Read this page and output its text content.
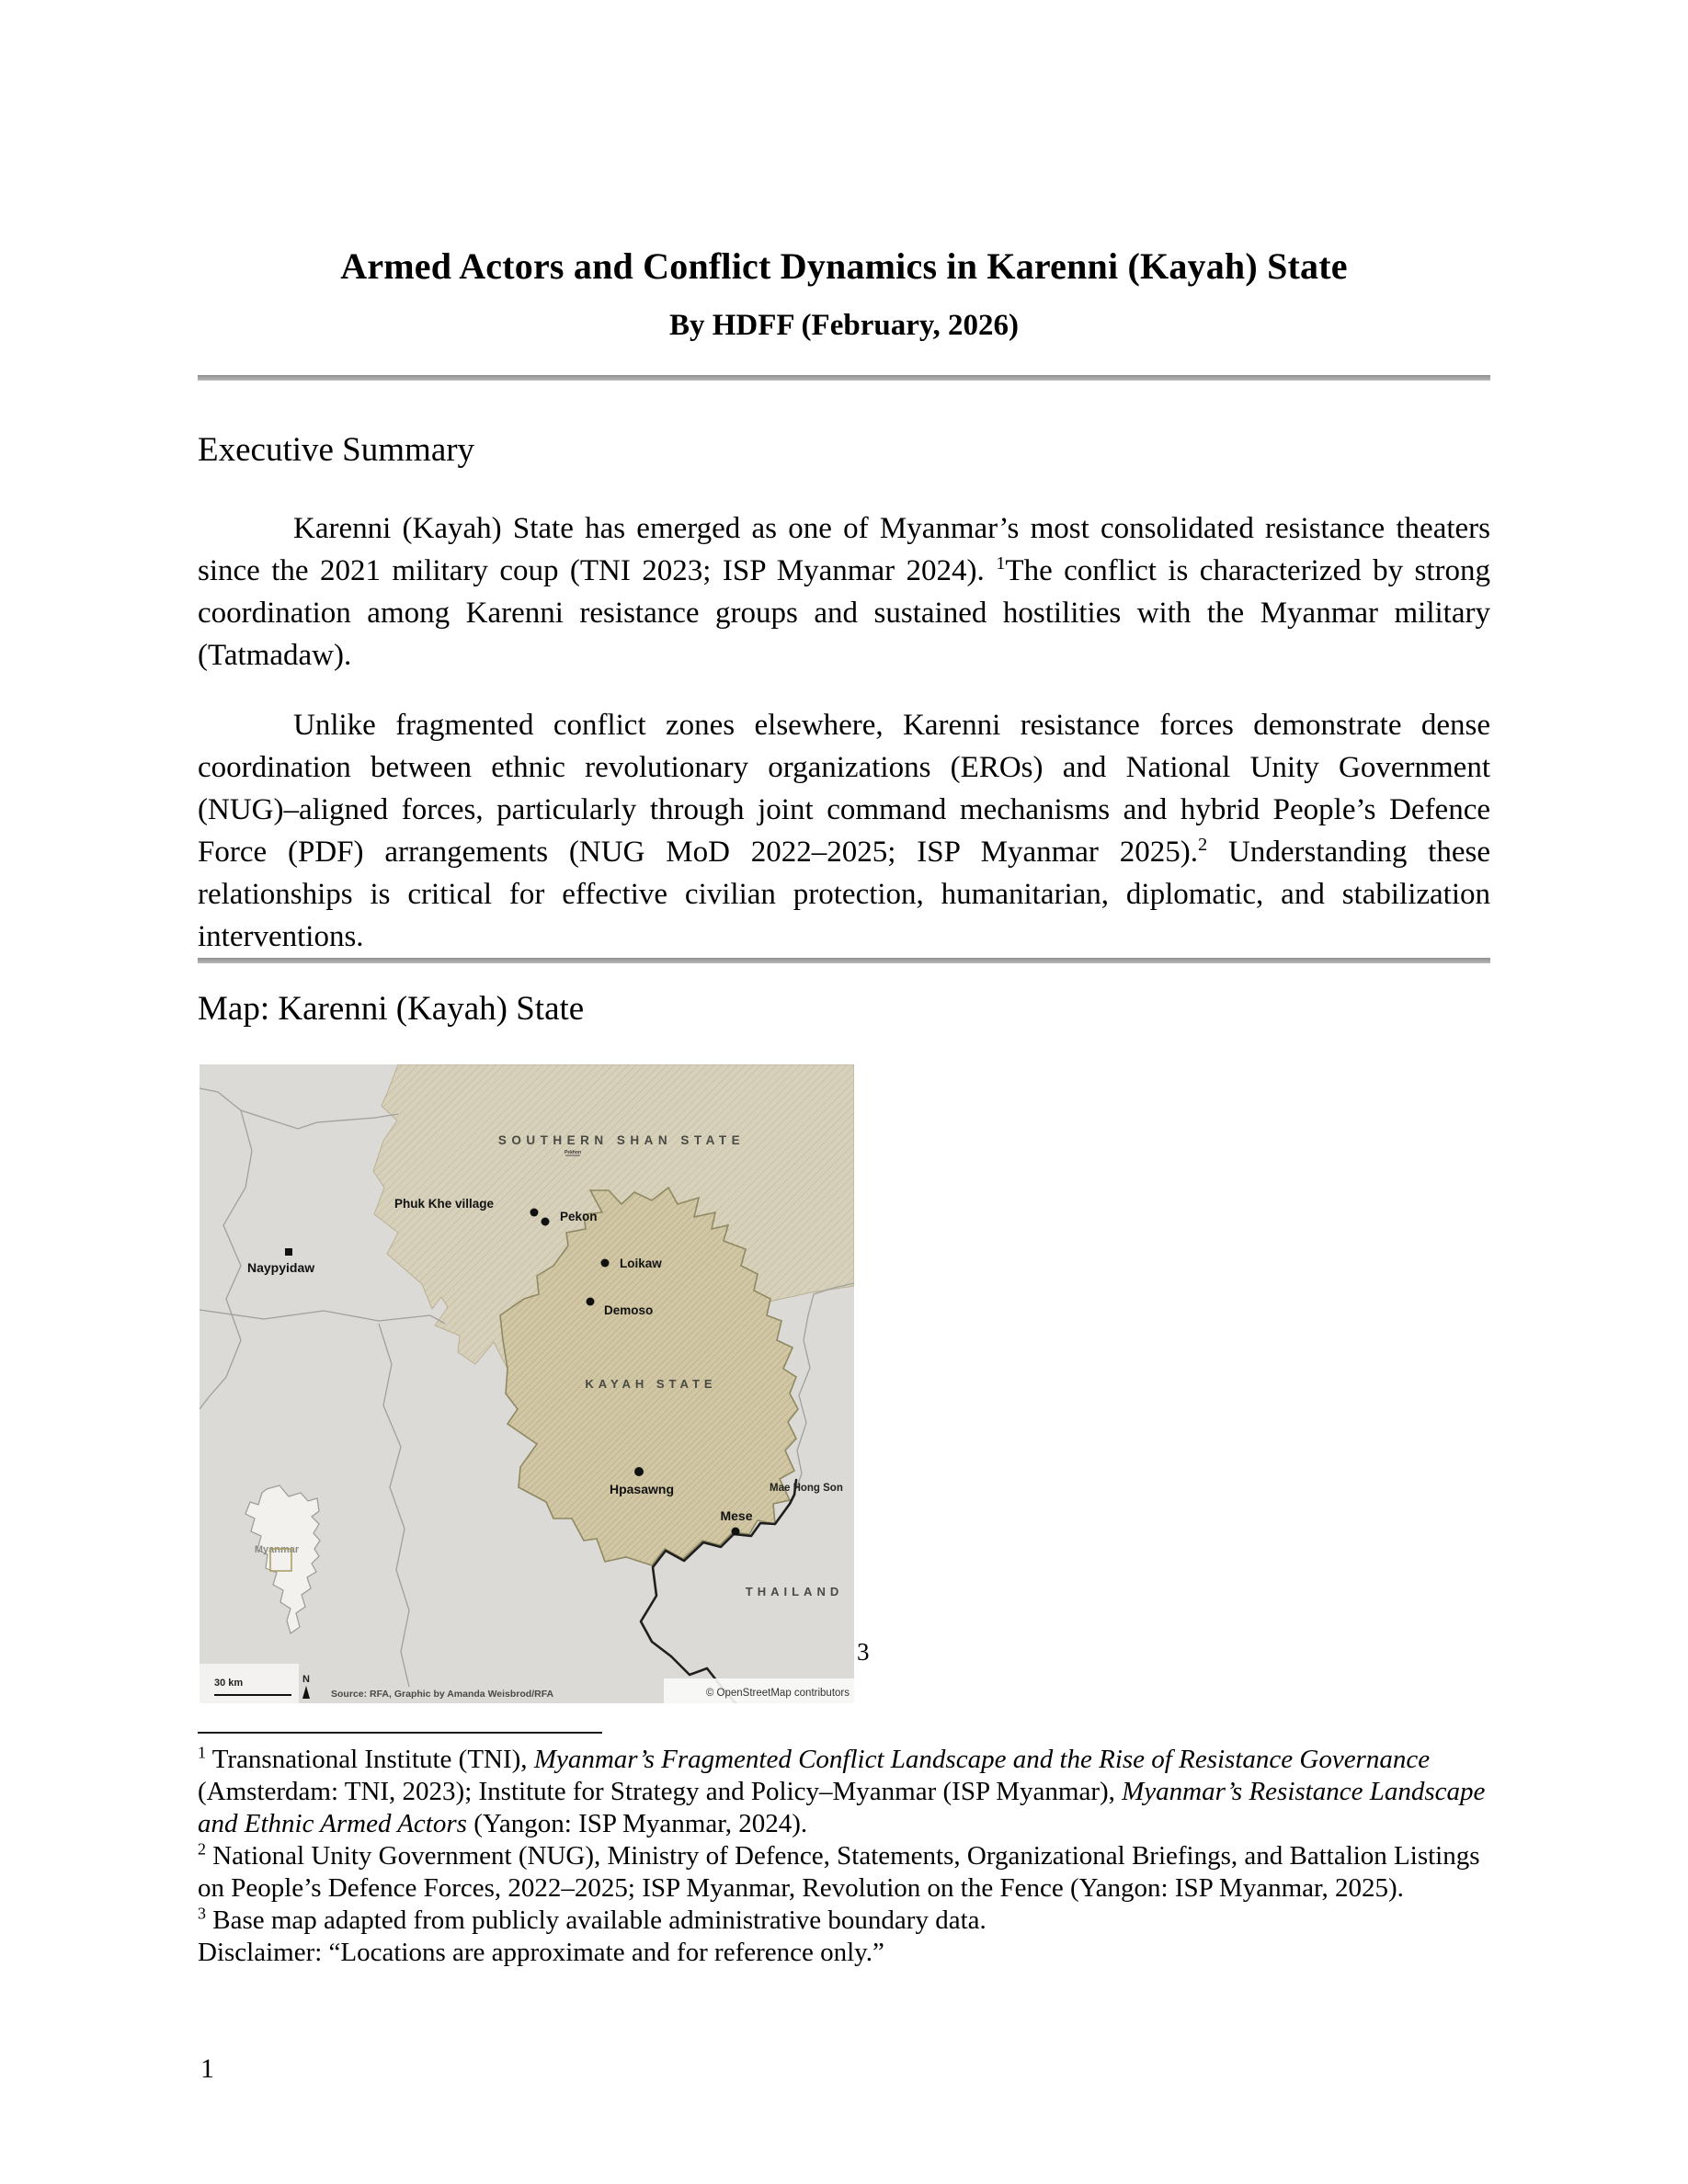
Armed Actors and Conflict Dynamics in Karenni (Kayah) State
By HDFF (February, 2026)
Executive Summary
Karenni (Kayah) State has emerged as one of Myanmar’s most consolidated resistance theaters since the 2021 military coup (TNI 2023; ISP Myanmar 2024). $^1$The conflict is characterized by strong coordination among Karenni resistance groups and sustained hostilities with the Myanmar military (Tatmadaw).
Unlike fragmented conflict zones elsewhere, Karenni resistance forces demonstrate dense coordination between ethnic revolutionary organizations (EROs) and National Unity Government (NUG)–aligned forces, particularly through joint command mechanisms and hybrid People’s Defence Force (PDF) arrangements (NUG MoD 2022–2025; ISP Myanmar 2025).$^2$ Understanding these relationships is critical for effective civilian protection, humanitarian, diplomatic, and stabilization interventions.
Map: Karenni (Kayah) State
SOUTHERN SHAN STATE
Pekhon
KAYAH STATE
THAILAND
Mae Hong Son
Naypyidaw
Phuk Khe village
Pekon
Loikaw
Demoso
Hpasawng
Mese
Myanmar
30 km	N
Source: RFA, Graphic by Amanda Weisbrod/RFA	© OpenStreetMap contributors
3

$^1$ Transnational Institute (TNI), Myanmar’s Fragmented Conflict Landscape and the Rise of Resistance Governance (Amsterdam: TNI, 2023); Institute for Strategy and Policy–Myanmar (ISP Myanmar), Myanmar’s Resistance Landscape and Ethnic Armed Actors (Yangon: ISP Myanmar, 2024).

$^2$ National Unity Government (NUG), Ministry of Defence, Statements, Organizational Briefings, and Battalion Listings on People’s Defence Forces, 2022–2025; ISP Myanmar, Revolution on the Fence (Yangon: ISP Myanmar, 2025).

$^3$ Base map adapted from publicly available administrative boundary data.

Disclaimer: “Locations are approximate and for reference only.”

1
